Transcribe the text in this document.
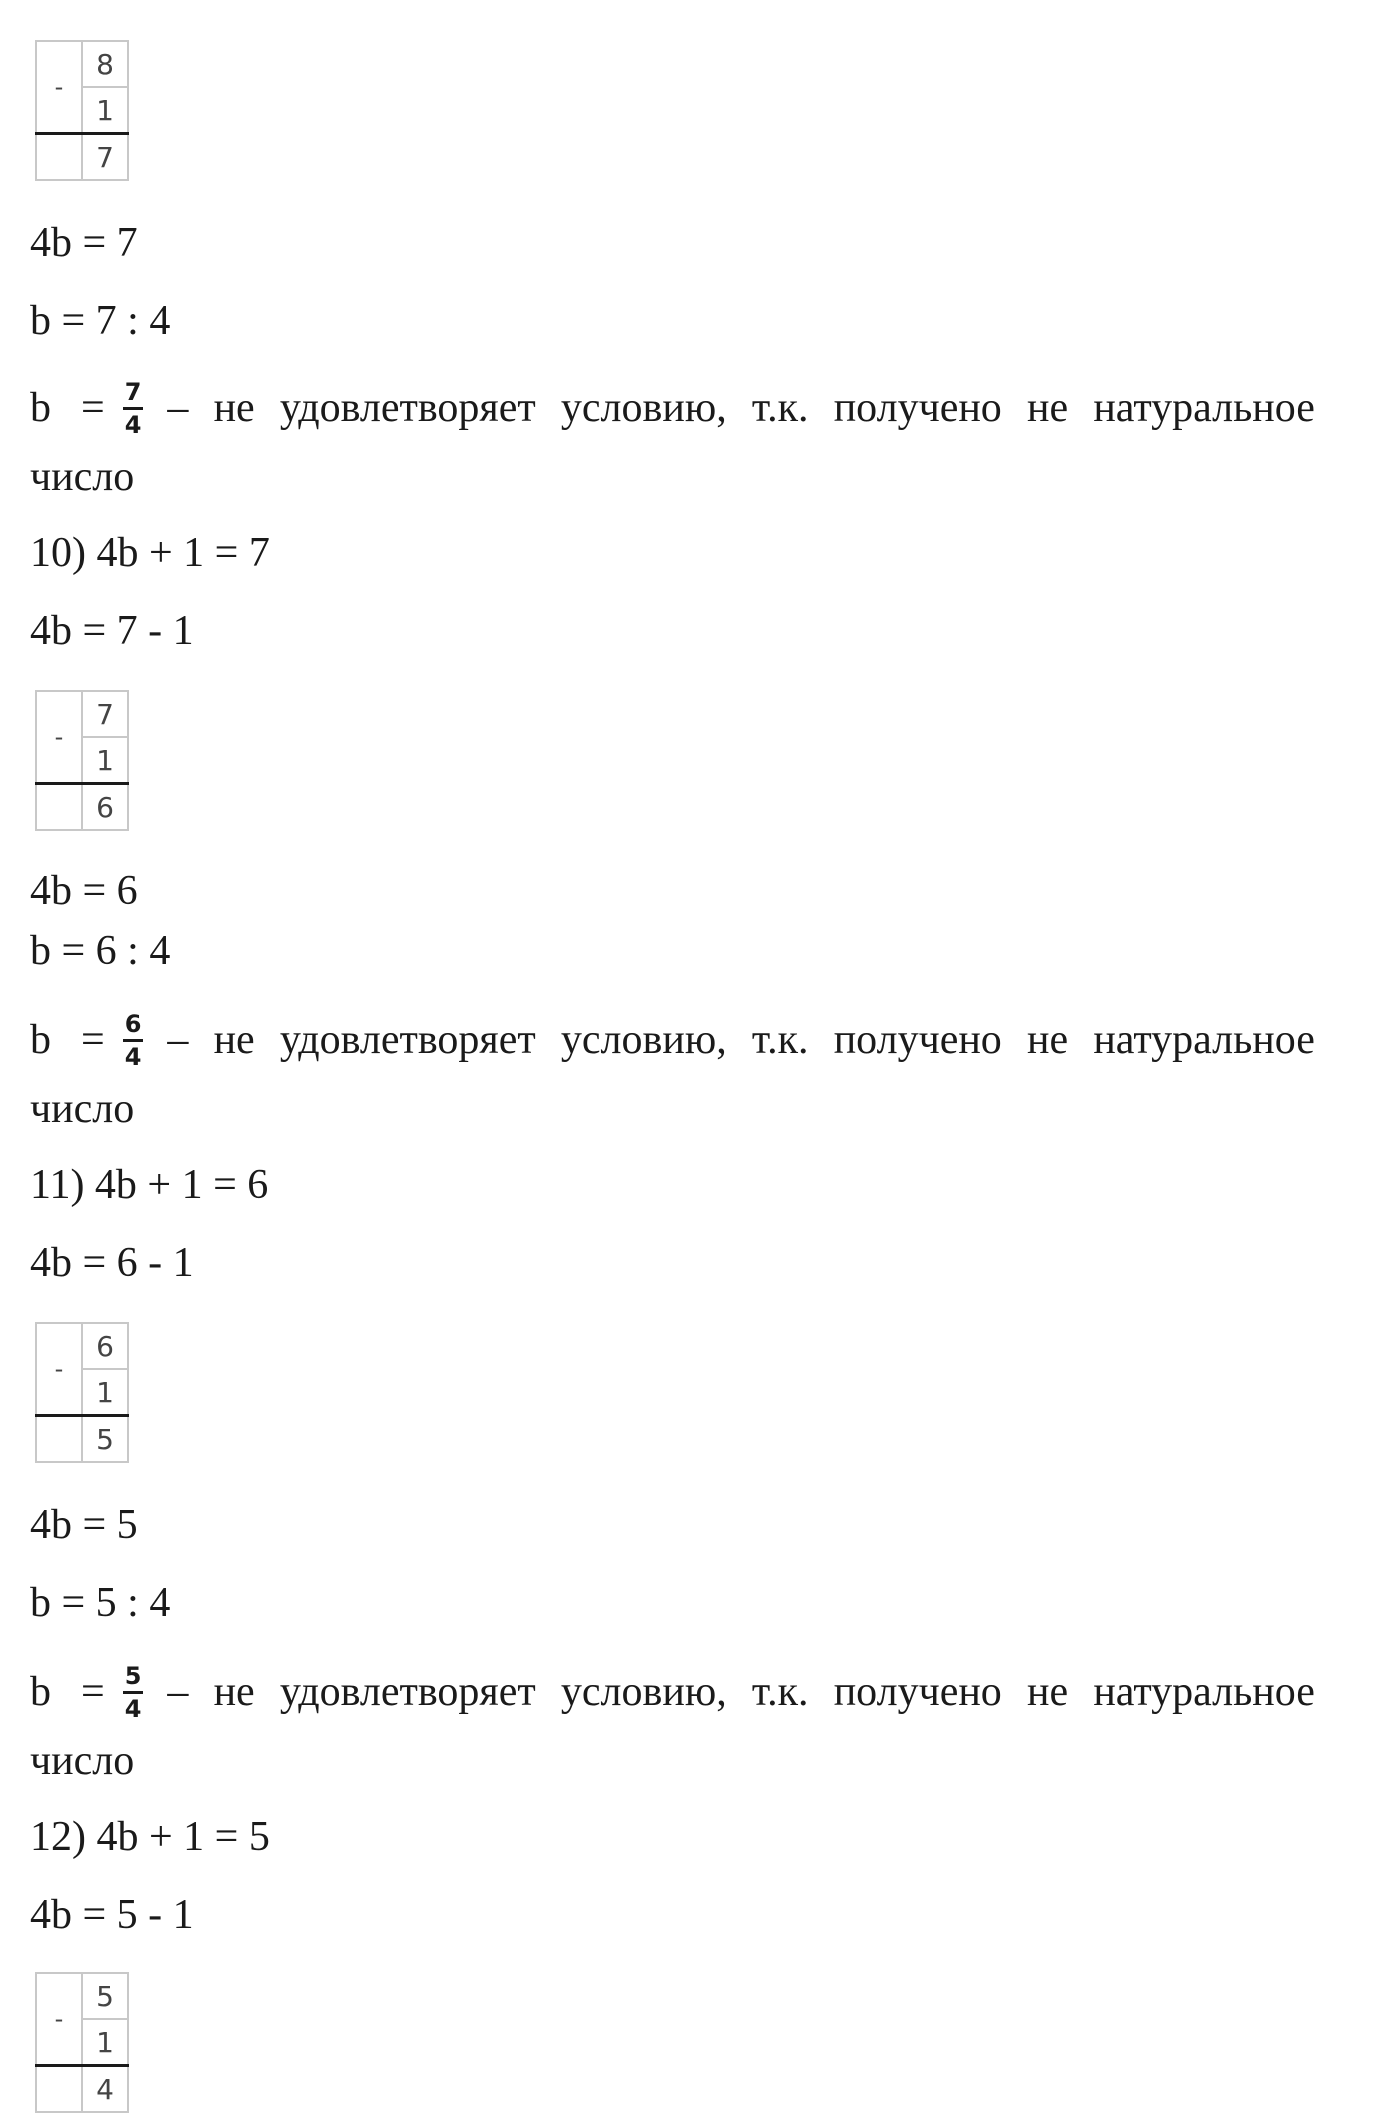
-	8
	1
	7
4b = 7
b = 7 : 4
$b = \frac{7}{4}$ – не удовлетворяет условию, т.к. получено не натуральное
число
10) 4b + 1 = 7
4b = 7 - 1
-	7
	1
	6
4b = 6
b = 6 : 4
$b = \frac{6}{4}$ – не удовлетворяет условию, т.к. получено не натуральное
число
11) 4b + 1 = 6
4b = 6 - 1
-	6
	1
	5
4b = 5
b = 5 : 4
$b = \frac{5}{4}$ – не удовлетворяет условию, т.к. получено не натуральное
число
12) 4b + 1 = 5
4b = 5 - 1
-	5
	1
	4
